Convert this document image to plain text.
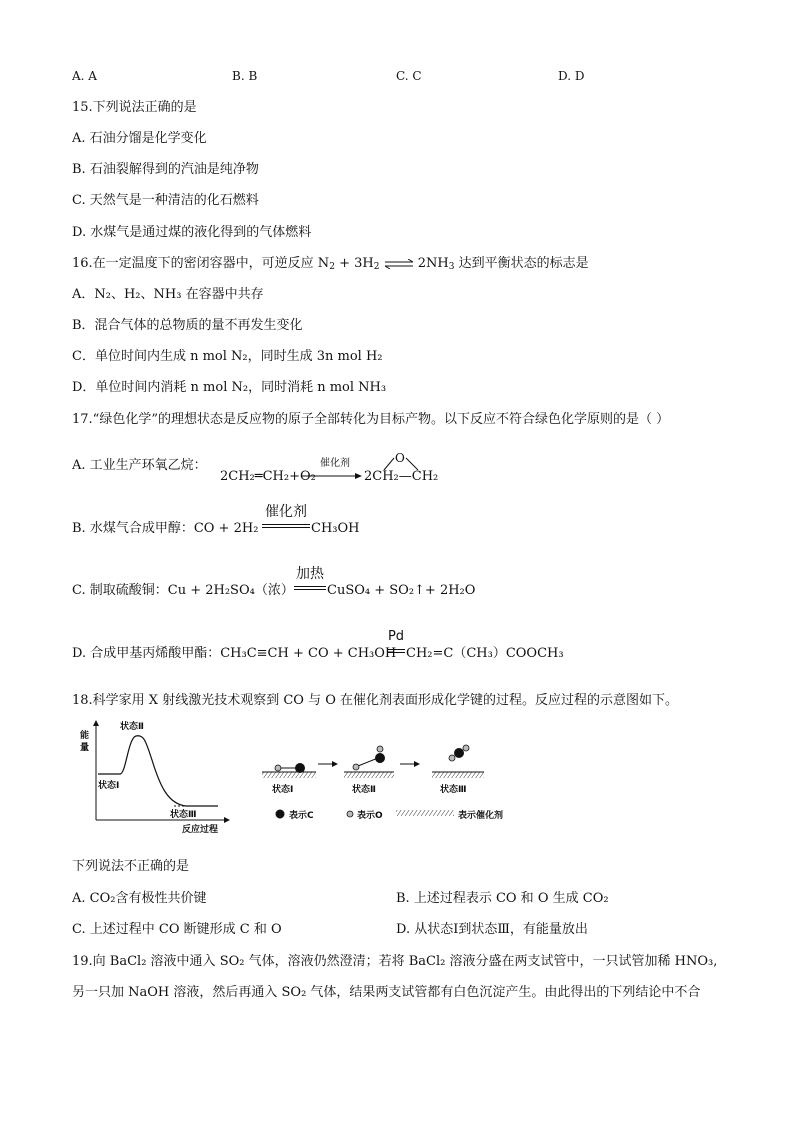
A. A	B. B	C. C	D. D
15.下列说法正确的是
A. 石油分馏是化学变化
B. 石油裂解得到的汽油是纯净物
C. 天然气是一种清洁的化石燃料
D. 水煤气是通过煤的液化得到的气体燃料
16.在一定温度下的密闭容器中，可逆反应 $N_2 + 3H_2$ ⇌ $2NH_3$ 达到平衡状态的标志是
A．N₂、H₂、NH₃ 在容器中共存
B．混合气体的总物质的量不再发生变化
C．单位时间内生成 n mol N₂，同时生成 3n mol H₂
D．单位时间内消耗 n mol N₂，同时消耗 n mol NH₃
17.“绿色化学”的理想状态是反应物的原子全部转化为目标产物。以下反应不符合绿色化学原则的是（ ）
A. 工业生产环氧乙烷：
2CH₂═CH₂+O₂
催化剂
2CH₂—CH₂
O
B. 水煤气合成甲醇：CO + 2H₂
催化剂
CH₃OH
C. 制取硫酸铜：Cu + 2H₂SO₄（浓）
加热
CuSO₄ + SO₂↑+ 2H₂O
D. 合成甲基丙烯酸甲酯：CH₃C≡CH + CO + CH₃OH
Pd
CH₂=C（CH₃）COOCH₃
18.科学家用 X 射线激光技术观察到 CO 与 O 在催化剂表面形成化学键的过程。反应过程的示意图如下。
能
量
状态Ⅱ
状态Ⅰ
状态Ⅲ
反应过程
状态Ⅰ	状态Ⅱ	状态Ⅲ
表示C	表示O	表示催化剂
下列说法不正确的是
A. CO₂含有极性共价键	B. 上述过程表示 CO 和 O 生成 CO₂
C. 上述过程中 CO 断键形成 C 和 O	D. 从状态Ⅰ到状态Ⅲ，有能量放出
19.向 BaCl₂ 溶液中通入 SO₂ 气体，溶液仍然澄清；若将 BaCl₂ 溶液分盛在两支试管中，一只试管加稀 HNO₃,
另一只加 NaOH 溶液，然后再通入 SO₂ 气体，结果两支试管都有白色沉淀产生。由此得出的下列结论中不合
